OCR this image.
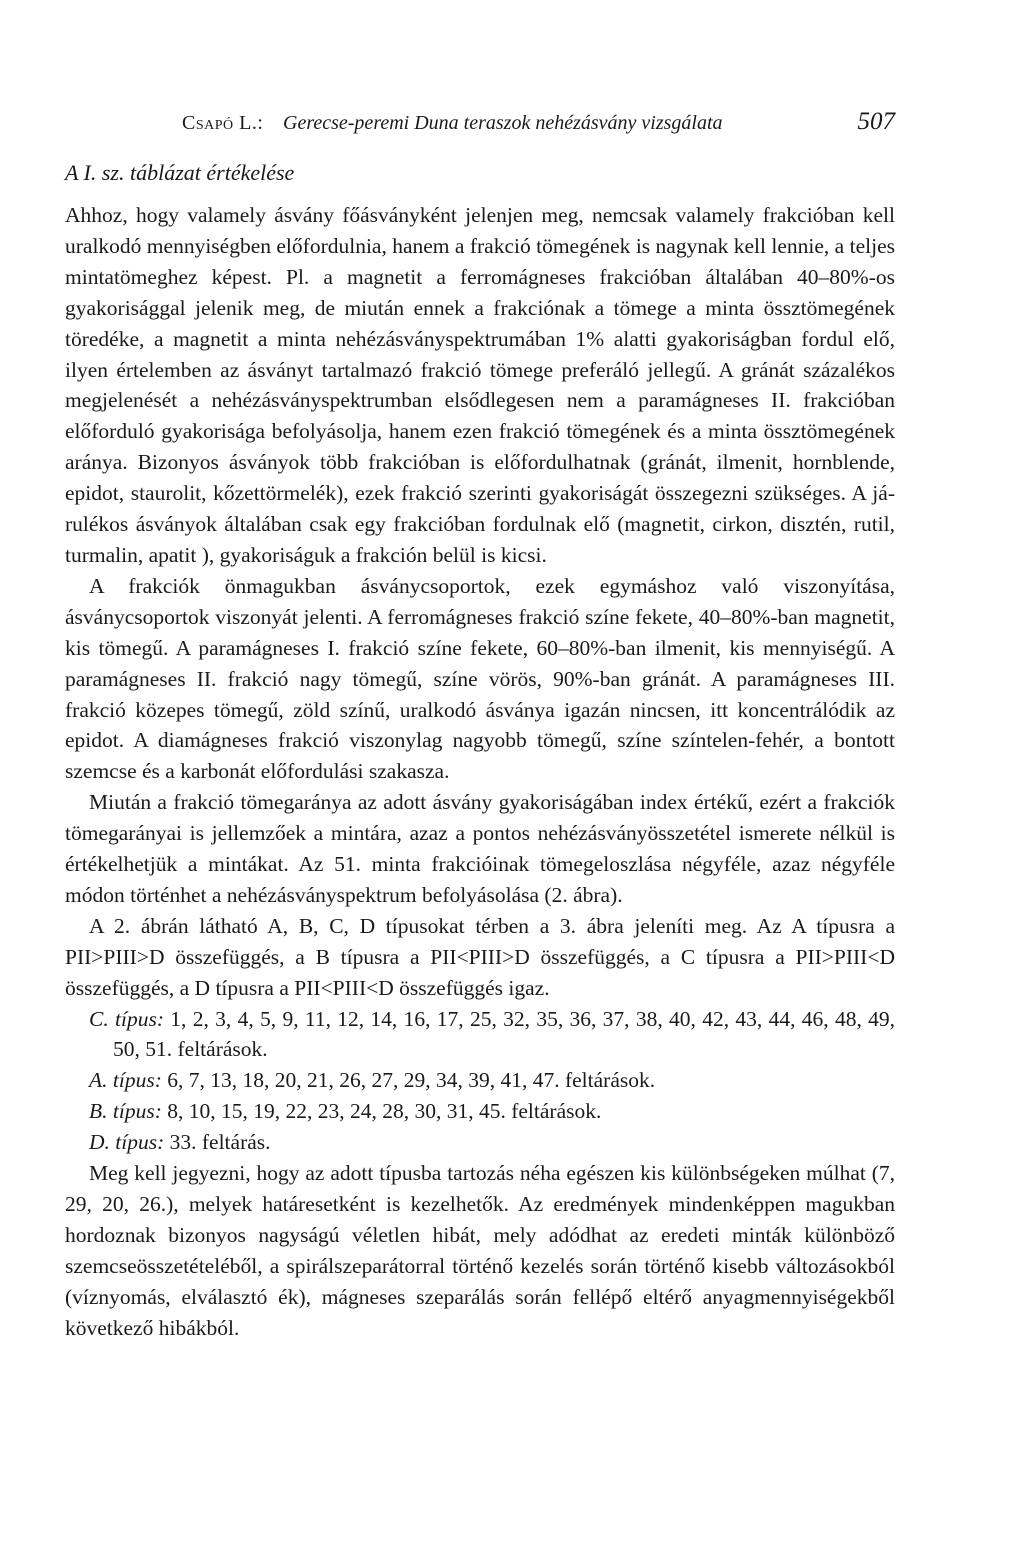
Csapó L.: Gerecse-peremi Duna teraszok nehézásvány vizsgálata	507
A I. sz. táblázat értékelése

Ahhoz, hogy valamely ásvány főásványként jelenjen meg, nemcsak valamely frakcióban kell uralkodó mennyiségben előfordulnia, hanem a frakció tömegének is nagynak kell lennie, a teljes mintatömeghez képest. Pl. a magnetit a ferromágneses frakcióban általában 40–80%-os gyakorisággal jelenik meg, de miután ennek a frakciónak a tömege a minta össztömegének töredéke, a magnetit a minta nehézásványspektrumában 1% alatti gyakoriságban fordul elő, ilyen értelemben az ásványt tartalmazó frakció tömege preferáló jellegű. A gránát százalékos megjelenését a nehézásványspektrumban elsődlegesen nem a paramágneses II. frakcióban előforduló gyakorisága befolyásolja, hanem ezen frakció tömegének és a minta össztömegének aránya. Bizonyos ásványok több frakcióban is előfordulhatnak (gránát, ilmenit, hornblende, epidot, staurolit, kőzettörmelék), ezek frakció szerinti gyakoriságát összegezni szükséges. A járulékos ásványok általában csak egy frakcióban fordulnak elő (magnetit, cirkon, disztén, rutil, turmalin, apatit ), gyakoriságuk a frakción belül is kicsi.

A frakciók önmagukban ásványcsoportok, ezek egymáshoz való viszonyítása, ásványcsoportok viszonyát jelenti. A ferromágneses frakció színe fekete, 40–80%-ban magnetit, kis tömegű. A paramágneses I. frakció színe fekete, 60–80%-ban ilmenit, kis mennyiségű. A paramágneses II. frakció nagy tömegű, színe vörös, 90%-ban gránát. A paramágneses III. frakció közepes tömegű, zöld színű, uralkodó ásványa igazán nincsen, itt koncentrálódik az epidot. A diamágneses frakció viszonylag nagyobb tömegű, színe színtelen-fehér, a bontott szemcse és a karbonát előfordulási szakasza.

Miután a frakció tömegaránya az adott ásvány gyakoriságában index értékű, ezért a frakciók tömegarányai is jellemzőek a mintára, azaz a pontos nehézásványösszetétel ismerete nélkül is értékelhetjük a mintákat. Az 51. minta frakcióinak tömegeloszlása négyféle, azaz négyféle módon történhet a nehézásványspektrum befolyásolása (2. ábra).

A 2. ábrán látható A, B, C, D típusokat térben a 3. ábra jeleníti meg. Az A típusra a PII>PIII>D összefüggés, a B típusra a PII<PIII>D összefüggés, a C típusra a PII>PIII<D összefüggés, a D típusra a PII<PIII<D összefüggés igaz.

C. típus: 1, 2, 3, 4, 5, 9, 11, 12, 14, 16, 17, 25, 32, 35, 36, 37, 38, 40, 42, 43, 44, 46, 48, 49, 50, 51. feltárások.

A. típus: 6, 7, 13, 18, 20, 21, 26, 27, 29, 34, 39, 41, 47. feltárások.

B. típus: 8, 10, 15, 19, 22, 23, 24, 28, 30, 31, 45. feltárások.

D. típus: 33. feltárás.

Meg kell jegyezni, hogy az adott típusba tartozás néha egészen kis különbségeken múlhat (7, 29, 20, 26.), melyek határesetként is kezelhetők. Az eredmények mindenképpen magukban hordoznak bizonyos nagyságú véletlen hibát, mely adódhat az eredeti minták különböző szemcseösszetételéből, a spirálszeparátorral történő kezelés során történő kisebb változásokból (víznyomás, elválasztó ék), mágneses szeparálás során fellépő eltérő anyagmennyiségekből következő hibákból.
